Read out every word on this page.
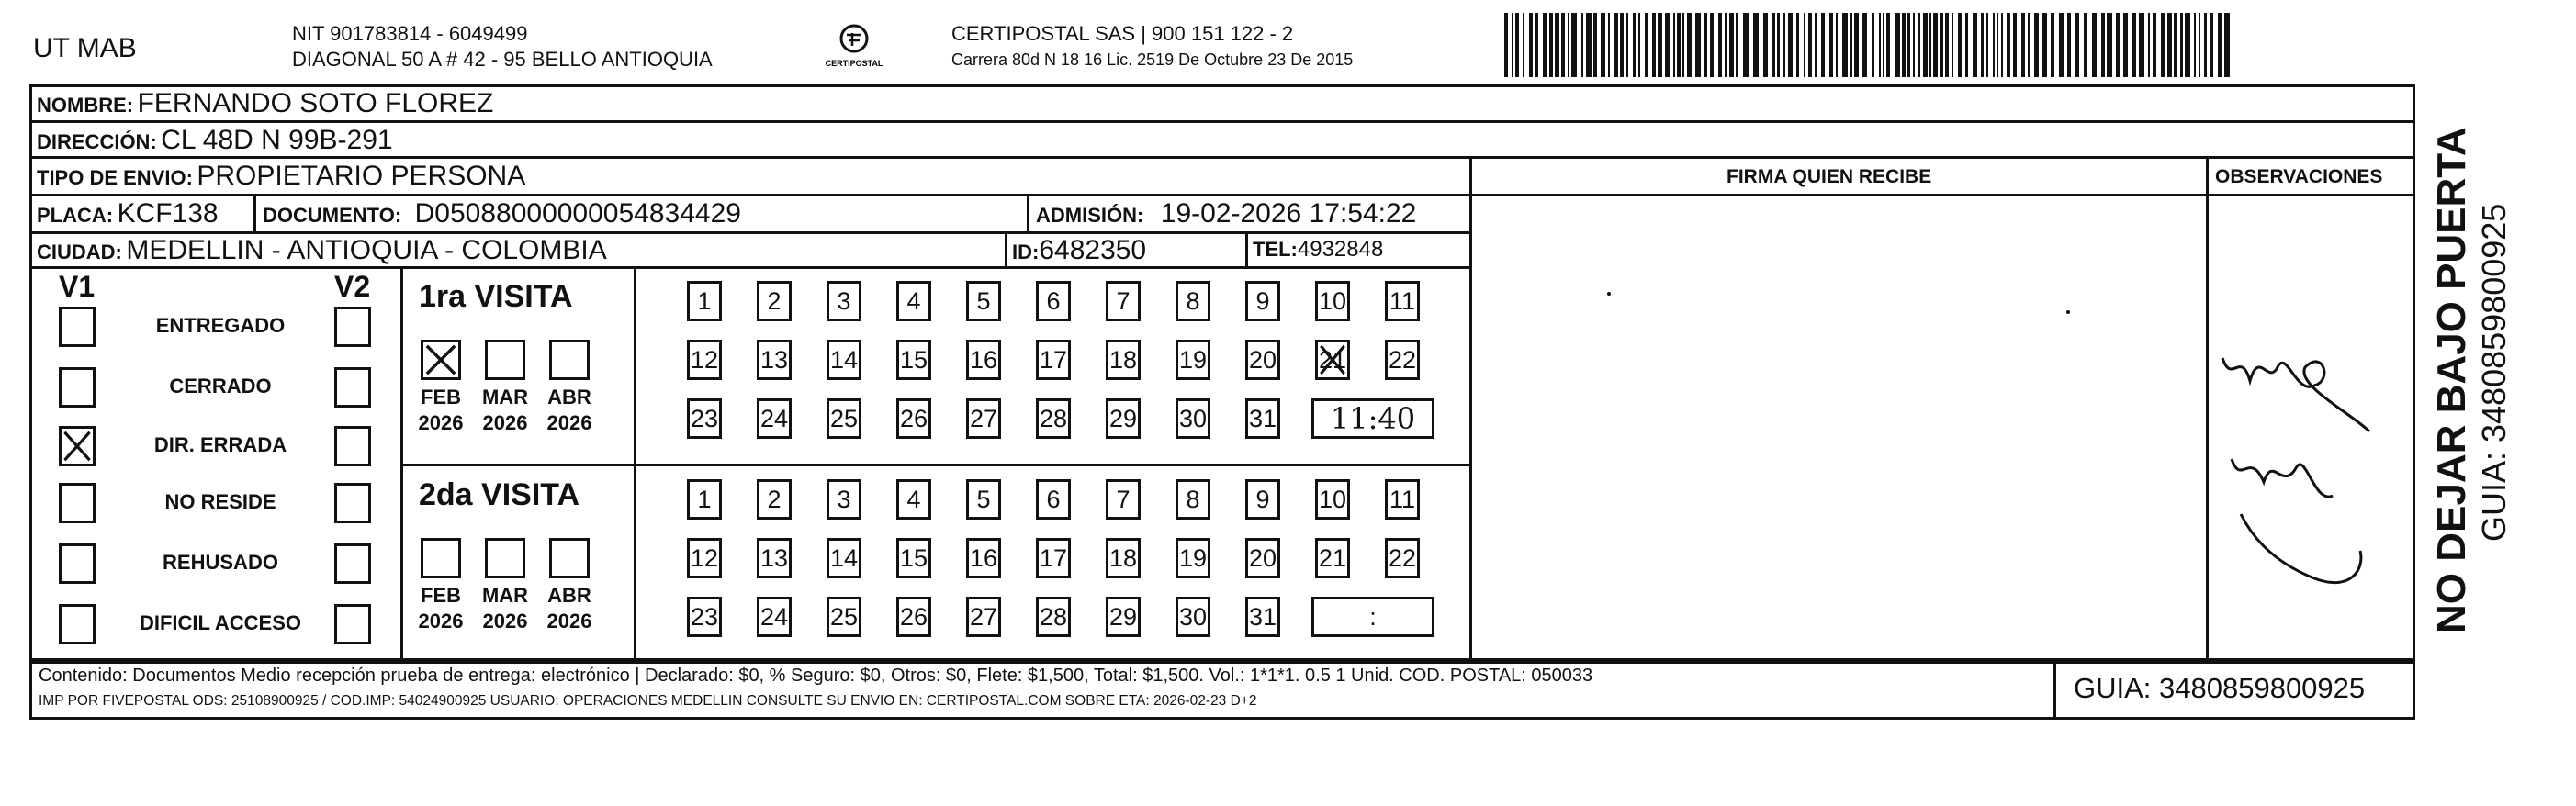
UT MAB	NIT 901783814 - 6049499
DIAGONAL 50 A # 42 - 95 BELLO ANTIOQUIA	CERTIPOSTAL
CERTIPOSTAL SAS | 900 151 122 - 2
Carrera 80d N 18 16 Lic. 2519 De Octubre 23 De 2015
NOMBRE: FERNANDO SOTO FLOREZ
DIRECCIÓN: CL 48D N 99B-291
TIPO DE ENVIO: PROPIETARIO PERSONA
PLACA: KCF138 DOCUMENTO: D05088000000054834429	ADMISIÓN: 19-02-2026 17:54:22
CIUDAD: MEDELLIN - ANTIOQUIA - COLOMBIA	ID:6482350	TEL:4932848
FIRMA QUIEN RECIBE	OBSERVACIONES
V1	V2
ENTREGADO
CERRADO
DIR. ERRADA
NO RESIDE
REHUSADO
DIFICIL ACCESO
1ra VISITA
FEB
2026
MAR
2026
ABR
2026
1 2 3 4 5 6 7 8 9 10 11
12 13 14 15 16 17 18 19 20 21 22
23 24 25 26 27 28 29 30 31	11:40
2da VISITA
FEB
2026
MAR
2026
ABR
2026
1 2 3 4 5 6 7 8 9 10 11
12 13 14 15 16 17 18 19 20 21 22
23 24 25 26 27 28 29 30 31	:
Contenido: Documentos Medio recepción prueba de entrega: electrónico | Declarado: $0, % Seguro: $0, Otros: $0, Flete: $1,500, Total: $1,500. Vol.: 1*1*1. 0.5 1 Unid. COD. POSTAL: 050033
IMP POR FIVEPOSTAL ODS: 25108900925 / COD.IMP: 54024900925 USUARIO: OPERACIONES MEDELLIN CONSULTE SU ENVIO EN: CERTIPOSTAL.COM SOBRE ETA: 2026-02-23 D+2	GUIA: 3480859800925
NO DEJAR BAJO PUERTA GUIA: 3480859800925
